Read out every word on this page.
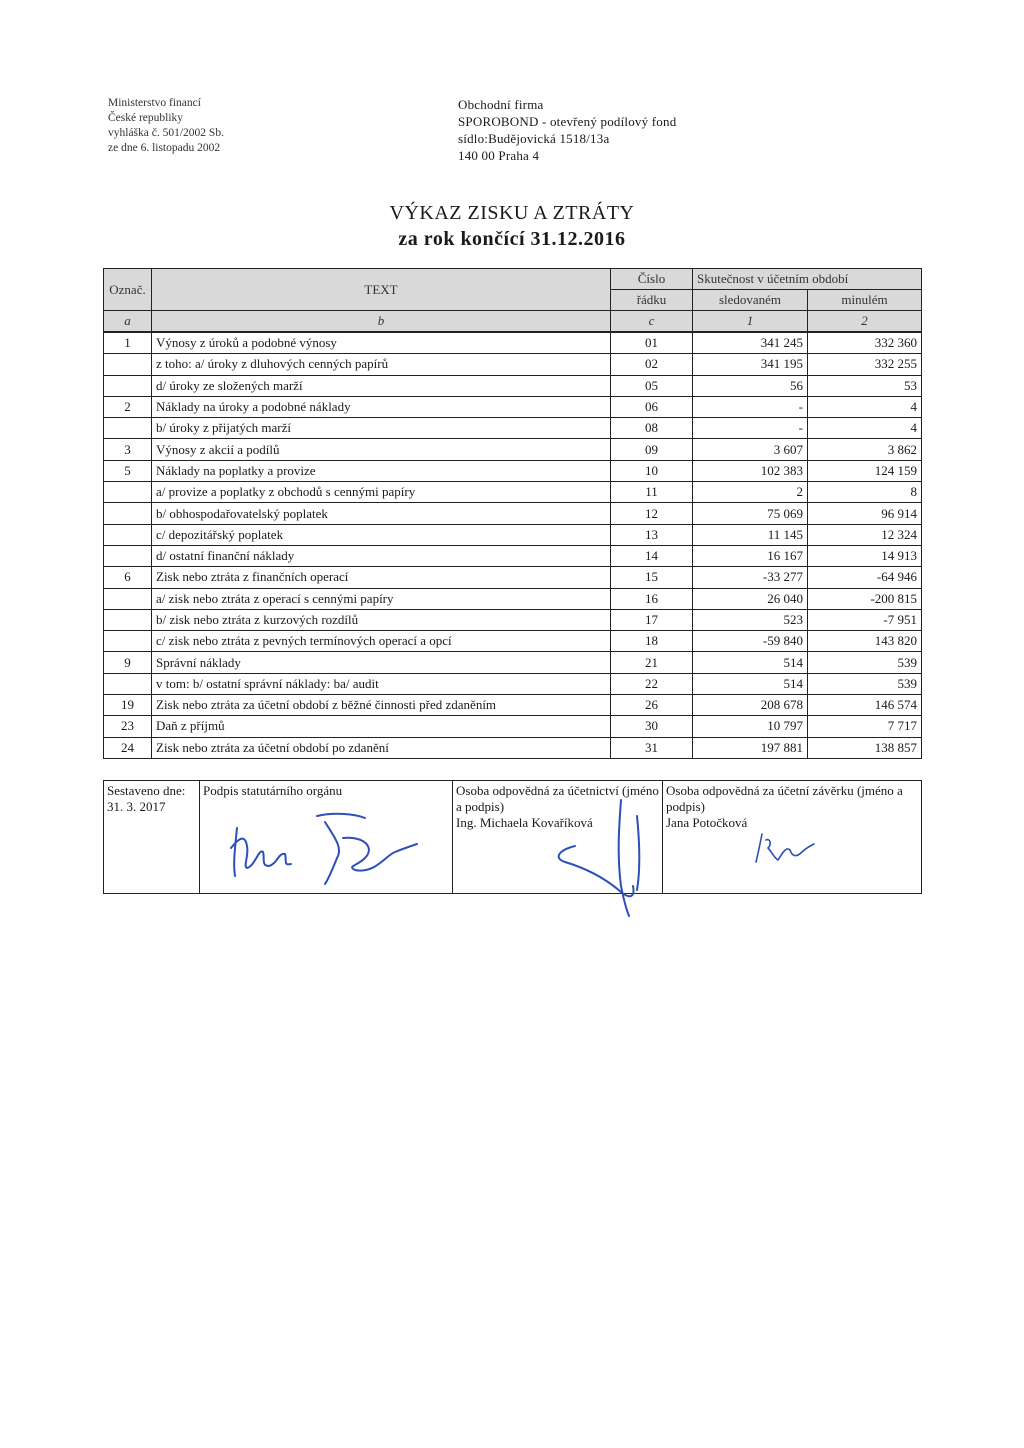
Ministerstvo financí
České republiky
vyhláška č. 501/2002 Sb.
ze dne 6. listopadu 2002
Obchodní firma
SPOROBOND - otevřený podílový fond
sídlo:Budějovická 1518/13a
140 00 Praha 4
VÝKAZ ZISKU A ZTRÁTY
za rok končící 31.12.2016
Označ.	TEXT	Číslo	Skutečnost v účetním období	
		řádku	sledovaném	minulém
a	b	c	1	2
1	Výnosy z úroků a podobné výnosy	01	341 245	332 360
	z toho: a/ úroky z dluhových cenných papírů	02	341 195	332 255
	d/ úroky ze složených marží	05	56	53
2	Náklady na úroky a podobné náklady	06	-	4
	b/ úroky z přijatých marží	08	-	4
3	Výnosy z akcií a podílů	09	3 607	3 862
5	Náklady na poplatky a provize	10	102 383	124 159
	a/ provize a poplatky z obchodů s cennými papíry	11	2	8
	b/ obhospodařovatelský poplatek	12	75 069	96 914
	c/ depozitářský poplatek	13	11 145	12 324
	d/ ostatní finanční náklady	14	16 167	14 913
6	Zisk nebo ztráta z finančních operací	15	-33 277	-64 946
	a/ zisk nebo ztráta z operací s cennými papíry	16	26 040	-200 815
	b/ zisk nebo ztráta z kurzových rozdílů	17	523	-7 951
	c/ zisk nebo ztráta z pevných termínových operací a opcí	18	-59 840	143 820
9	Správní náklady	21	514	539
	v tom: b/ ostatní správní náklady: ba/ audit	22	514	539
19	Zisk nebo ztráta za účetní období z běžné činnosti před zdaněním	26	208 678	146 574
23	Daň z příjmů	30	10 797	7 717
24	Zisk nebo ztráta za účetní období po zdanění	31	197 881	138 857
Sestaveno dne:
31. 3. 2017

Podpis statutárního orgánu	Osoba odpovědná za účetnictví (jméno a podpis)
Ing. Michaela Kovaříková

Osoba odpovědná za účetní závěrku (jméno a podpis)
Jana Potočková
